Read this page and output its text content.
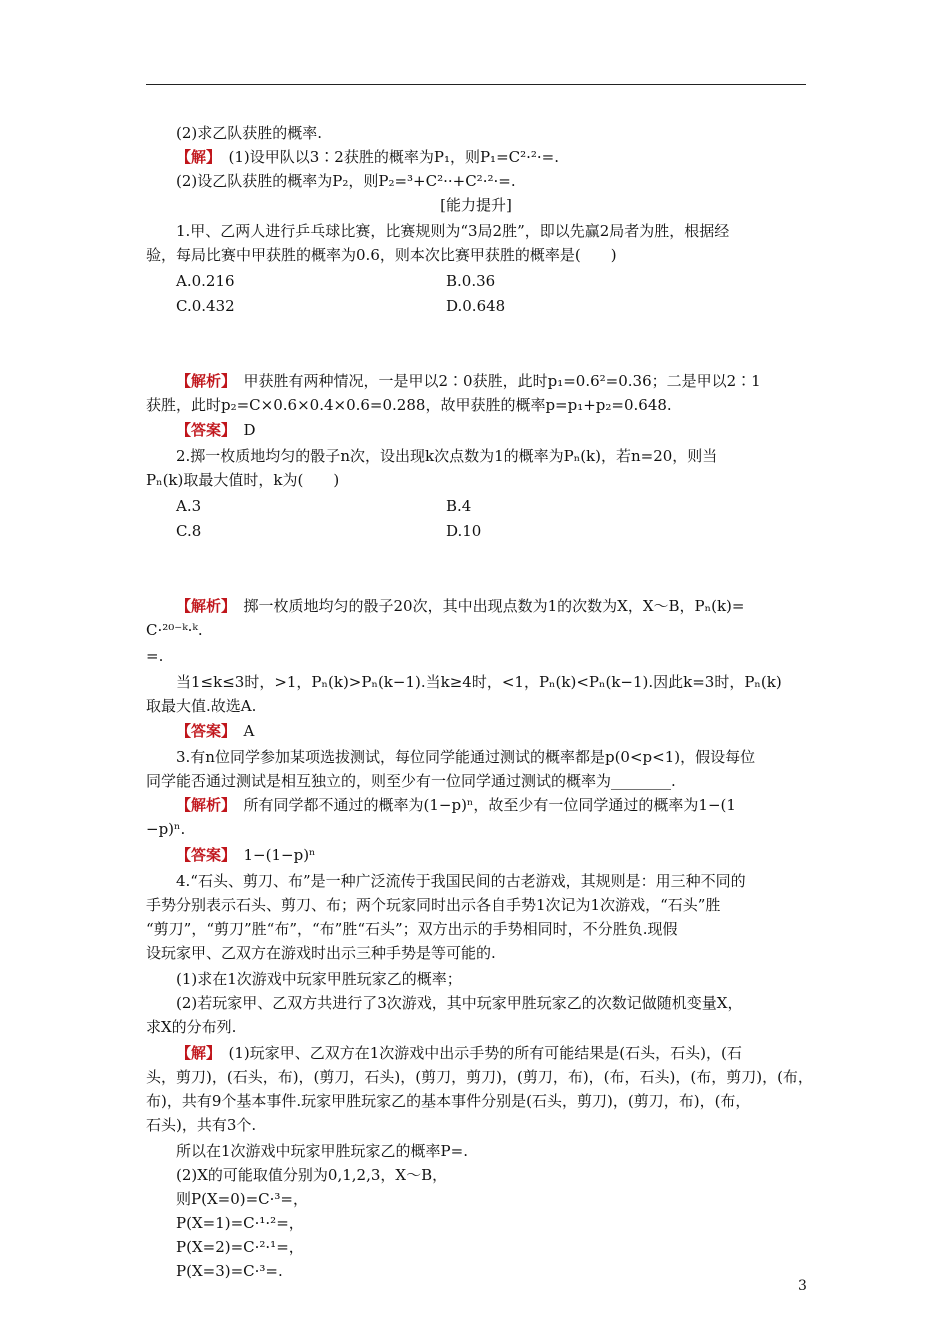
(2)求乙队获胜的概率.
【解】　(1)设甲队以3∶2获胜的概率为P₁，则P₁=C²·²·=.
(2)设乙队获胜的概率为P₂，则P₂=³+C²··+C²·²·=.
[能力提升]
1.甲、乙两人进行乒乓球比赛，比赛规则为“3局2胜”，即以先赢2局者为胜，根据经
验，每局比赛中甲获胜的概率为0.6，则本次比赛甲获胜的概率是(　　)
【解析】　甲获胜有两种情况，一是甲以2∶0获胜，此时p₁=0.6²=0.36；二是甲以2∶1
获胜，此时p₂=C×0.6×0.4×0.6=0.288，故甲获胜的概率p=p₁+p₂=0.648.
【答案】　D
2.掷一枚质地均匀的骰子n次，设出现k次点数为1的概率为Pₙ(k)，若n=20，则当
Pₙ(k)取最大值时，k为(　　)
【解析】　掷一枚质地均匀的骰子20次，其中出现点数为1的次数为X，X～B，Pₙ(k)=
C·²⁰⁻ᵏ·ᵏ.
=.
当1≤k≤3时，>1，Pₙ(k)>Pₙ(k−1).当k≥4时，<1，Pₙ(k)<Pₙ(k−1).因此k=3时，Pₙ(k)
取最大值.故选A.
【答案】　A
3.有n位同学参加某项选拔测试，每位同学能通过测试的概率都是p(0<p<1)，假设每位
同学能否通过测试是相互独立的，则至少有一位同学通过测试的概率为________.
【解析】　所有同学都不通过的概率为(1−p)ⁿ，故至少有一位同学通过的概率为1−(1
−p)ⁿ.
【答案】　1−(1−p)ⁿ
4.“石头、剪刀、布”是一种广泛流传于我国民间的古老游戏，其规则是：用三种不同的
手势分别表示石头、剪刀、布；两个玩家同时出示各自手势1次记为1次游戏，“石头”胜
“剪刀”，“剪刀”胜“布”，“布”胜“石头”；双方出示的手势相同时，不分胜负.现假
设玩家甲、乙双方在游戏时出示三种手势是等可能的.
(1)求在1次游戏中玩家甲胜玩家乙的概率；
(2)若玩家甲、乙双方共进行了3次游戏，其中玩家甲胜玩家乙的次数记做随机变量X，
求X的分布列.
【解】　(1)玩家甲、乙双方在1次游戏中出示手势的所有可能结果是(石头，石头)，(石
头，剪刀)，(石头，布)，(剪刀，石头)，(剪刀，剪刀)，(剪刀，布)，(布，石头)，(布，剪刀)，(布，
布)，共有9个基本事件.玩家甲胜玩家乙的基本事件分别是(石头，剪刀)，(剪刀，布)，(布，
石头)，共有3个.
所以在1次游戏中玩家甲胜玩家乙的概率P=.
(2)X的可能取值分别为0,1,2,3，X～B，
则P(X=0)=C·³=，
P(X=1)=C·¹·²=，
P(X=2)=C·²·¹=，
P(X=3)=C·³=.
A.0.216	B.0.36
C.0.432	D.0.648
A.3	B.4
C.8	D.10
3
